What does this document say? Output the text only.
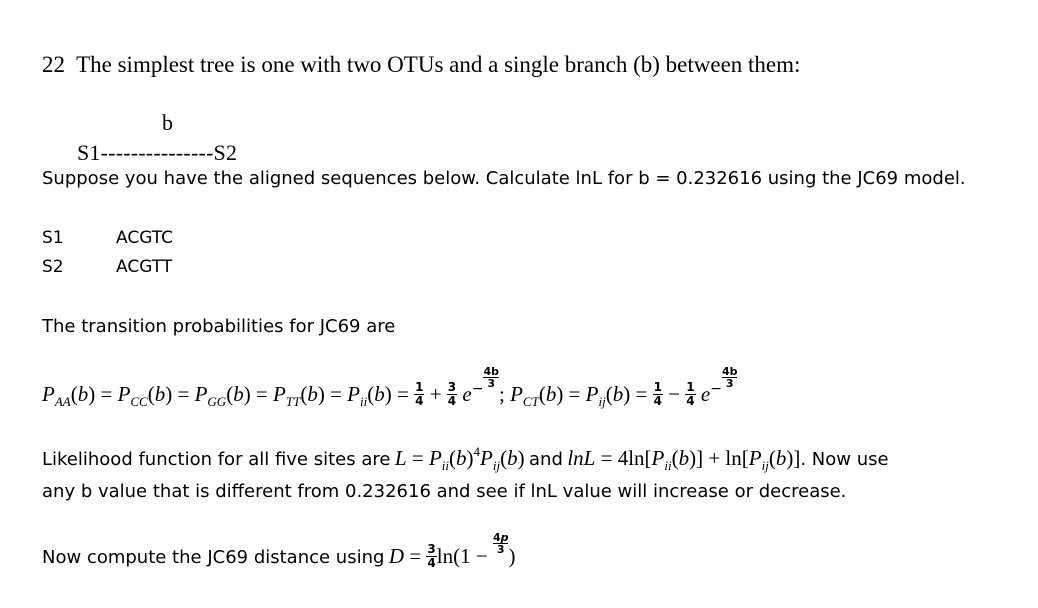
22 The simplest tree is one with two OTUs and a single branch (b) between them:
b
S1---------------S2
Suppose you have the aligned sequences below. Calculate lnL for b = 0.232616 using the JC69 model.
S1	ACGTC
S2	ACGTT
The transition probabilities for JC69 are
$P_{AA}(b) = P_{CC}(b) = P_{GG}(b) = P_{TT}(b) = P_{ii}(b) = \frac{1}{4} + \frac{3}{4} e^- \frac{4b}{3}$
; $P_{CT}(b) = P_{ij}(b) = \frac{1}{4} - \frac{1}{4} e^- \frac{4b}{3}$
Likelihood function for all five sites are $L = P_{ii}(b)^4P_{ij}(b)$ and $\ln L = 4\ln[P_{ii}(b)] + \ln[P_{ij}(b)]$. Now use
any b value that is different from 0.232616 and see if lnL value will increase or decrease.
Now compute the JC69 distance using $D = \frac{3}{4} \ln(1$ −
$\frac{4p}{3}$
)
